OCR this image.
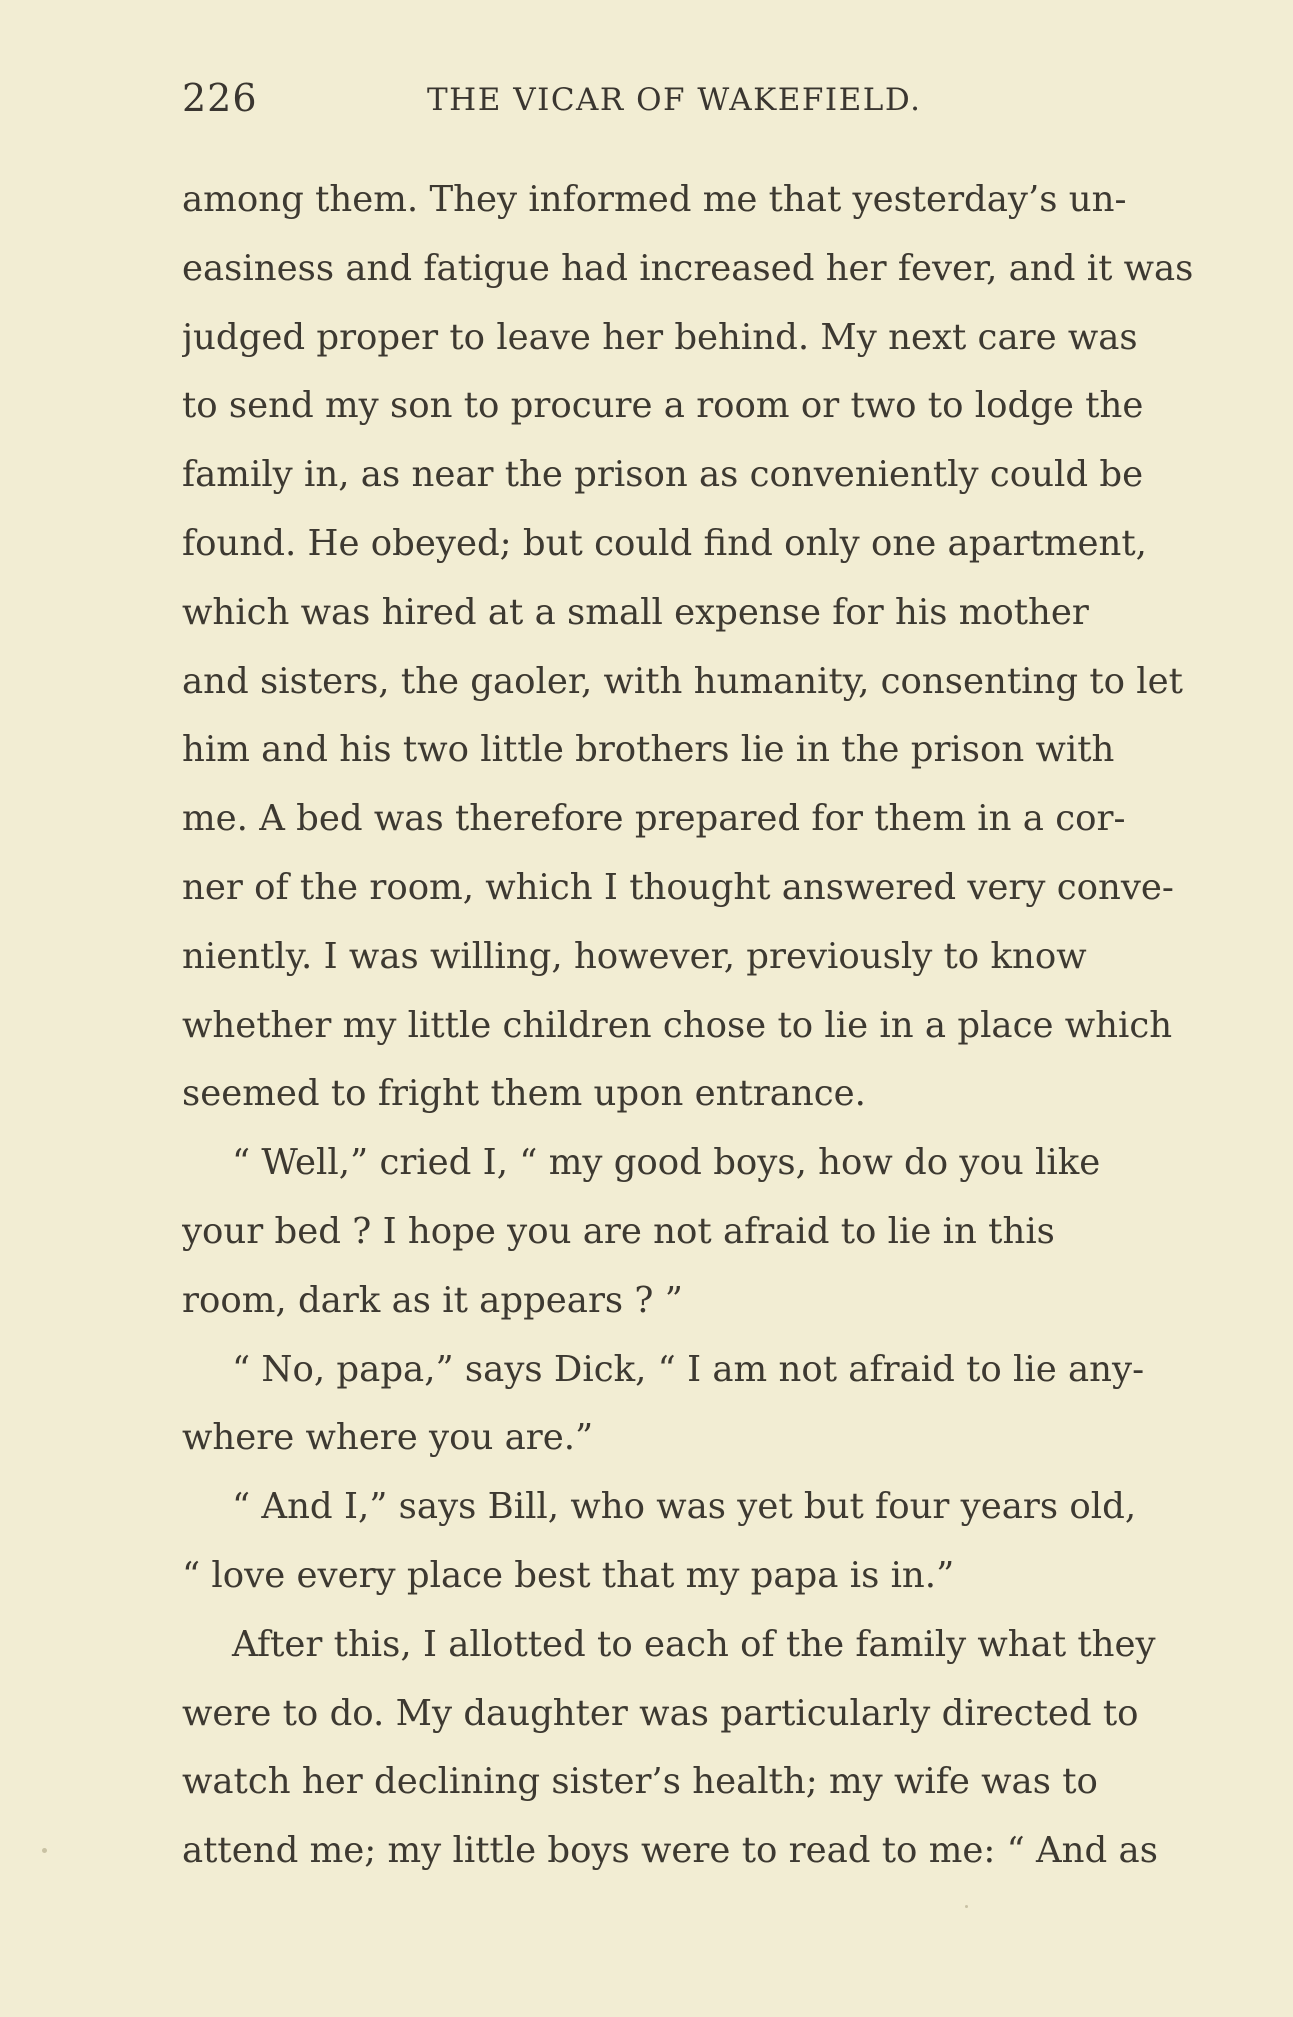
226	THE VICAR OF WAKEFIELD.
among them. They informed me that yesterday’s un-
easiness and fatigue had increased her fever, and it was
judged proper to leave her behind. My next care was
to send my son to procure a room or two to lodge the
family in, as near the prison as conveniently could be
found. He obeyed; but could find only one apartment,
which was hired at a small expense for his mother
and sisters, the gaoler, with humanity, consenting to let
him and his two little brothers lie in the prison with
me. A bed was therefore prepared for them in a cor-
ner of the room, which I thought answered very conve-
niently. I was willing, however, previously to know
whether my little children chose to lie in a place which
seemed to fright them upon entrance.
“ Well,” cried I, “ my good boys, how do you like
your bed ? I hope you are not afraid to lie in this
room, dark as it appears ? ”
“ No, papa,” says Dick, “ I am not afraid to lie any-
where where you are.”
“ And I,” says Bill, who was yet but four years old,
“ love every place best that my papa is in.”
After this, I allotted to each of the family what they
were to do. My daughter was particularly directed to
watch her declining sister’s health; my wife was to
attend me; my little boys were to read to me: “ And as
